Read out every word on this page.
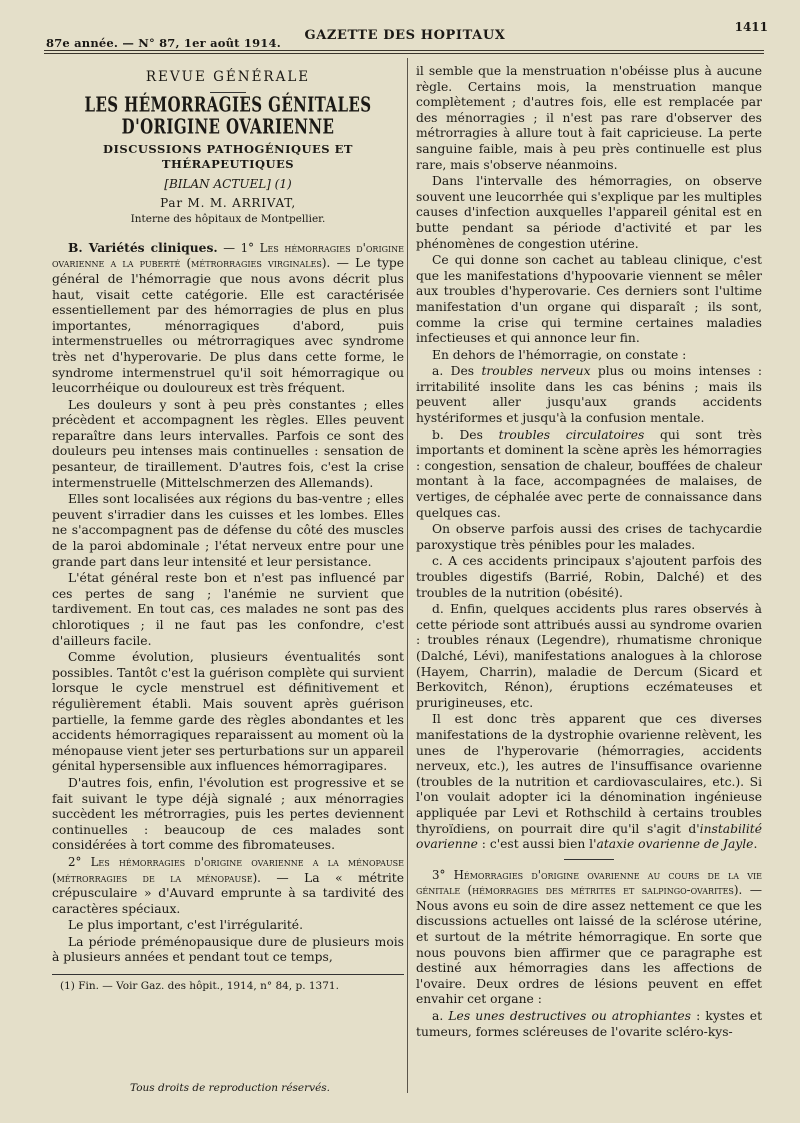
87e année. — N° 87, 1er août 1914.	GAZETTE DES HOPITAUX
1411

REVUE GÉNÉRALE

LES HÉMORRAGIES GÉNITALES D'ORIGINE OVARIENNE

DISCUSSIONS PATHOGÉNIQUES ET THÉRAPEUTIQUES

[BILAN ACTUEL] (1)

Par M. M. ARRIVAT,

Interne des hôpitaux de Montpellier.

B. Variétés cliniques. — 1° Les hémorragies d'origine ovarienne a la puberté (métrorragies virginales). — Le type général de l'hémorragie que nous avons décrit plus haut, visait cette catégorie. Elle est caractérisée essentiellement par des hémorragies de plus en plus importantes, ménorragiques d'abord, puis intermenstruelles ou métrorragiques avec syndrome très net d'hyperovarie. De plus dans cette forme, le syndrome intermenstruel qu'il soit hémorragique ou leucorrhéique ou douloureux est très fréquent.

Les douleurs y sont à peu près constantes ; elles précèdent et accompagnent les règles. Elles peuvent reparaître dans leurs intervalles. Parfois ce sont des douleurs peu intenses mais continuelles : sensation de pesanteur, de tiraillement. D'autres fois, c'est la crise intermenstruelle (Mittelschmerzen des Allemands).

Elles sont localisées aux régions du bas-ventre ; elles peuvent s'irradier dans les cuisses et les lombes. Elles ne s'accompagnent pas de défense du côté des muscles de la paroi abdominale ; l'état nerveux entre pour une grande part dans leur intensité et leur persistance.

L'état général reste bon et n'est pas influencé par ces pertes de sang ; l'anémie ne survient que tardivement. En tout cas, ces malades ne sont pas des chlorotiques ; il ne faut pas les confondre, c'est d'ailleurs facile.

Comme évolution, plusieurs éventualités sont possibles. Tantôt c'est la guérison complète qui survient lorsque le cycle menstruel est définitivement et régulièrement établi. Mais souvent après guérison partielle, la femme garde des règles abondantes et les accidents hémorragiques reparaissent au moment où la ménopause vient jeter ses perturbations sur un appareil génital hypersensible aux influences hémorragipares.

D'autres fois, enfin, l'évolution est progressive et se fait suivant le type déjà signalé ; aux ménorragies succèdent les métrorragies, puis les pertes deviennent continuelles : beaucoup de ces malades sont considérées à tort comme des fibromateuses.

2° Les hémorragies d'origine ovarienne a la ménopause (métrorragies de la ménopause). — La « métrite crépusculaire » d'Auvard emprunte à sa tardivité des caractères spéciaux.

Le plus important, c'est l'irrégularité.

La période préménopausique dure de plusieurs mois à plusieurs années et pendant tout ce temps,

(1) Fin. — Voir Gaz. des hôpit., 1914, n° 84, p. 1371.

il semble que la menstruation n'obéisse plus à aucune règle. Certains mois, la menstruation manque complètement ; d'autres fois, elle est remplacée par des ménorragies ; il n'est pas rare d'observer des métrorragies à allure tout à fait capricieuse. La perte sanguine faible, mais à peu près continuelle est plus rare, mais s'observe néanmoins.

Dans l'intervalle des hémorragies, on observe souvent une leucorrhée qui s'explique par les multiples causes d'infection auxquelles l'appareil génital est en butte pendant sa période d'activité et par les phénomènes de congestion utérine.

Ce qui donne son cachet au tableau clinique, c'est que les manifestations d'hypoovarie viennent se mêler aux troubles d'hyperovarie. Ces derniers sont l'ultime manifestation d'un organe qui disparaît ; ils sont, comme la crise qui termine certaines maladies infectieuses et qui annonce leur fin.

En dehors de l'hémorragie, on constate :

a. Des troubles nerveux plus ou moins intenses : irritabilité insolite dans les cas bénins ; mais ils peuvent aller jusqu'aux grands accidents hystériformes et jusqu'à la confusion mentale.

b. Des troubles circulatoires qui sont très importants et dominent la scène après les hémorragies : congestion, sensation de chaleur, bouffées de chaleur montant à la face, accompagnées de malaises, de vertiges, de céphalée avec perte de connaissance dans quelques cas.

On observe parfois aussi des crises de tachycardie paroxystique très pénibles pour les malades.

c. A ces accidents principaux s'ajoutent parfois des troubles digestifs (Barrié, Robin, Dalché) et des troubles de la nutrition (obésité).

d. Enfin, quelques accidents plus rares observés à cette période sont attribués aussi au syndrome ovarien : troubles rénaux (Legendre), rhumatisme chronique (Dalché, Lévi), manifestations analogues à la chlorose (Hayem, Charrin), maladie de Dercum (Sicard et Berkovitch, Rénon), éruptions eczémateuses et prurigineuses, etc.

Il est donc très apparent que ces diverses manifestations de la dystrophie ovarienne relèvent, les unes de l'hyperovarie (hémorragies, accidents nerveux, etc.), les autres de l'insuffisance ovarienne (troubles de la nutrition et cardiovasculaires, etc.). Si l'on voulait adopter ici la dénomination ingénieuse appliquée par Levi et Rothschild à certains troubles thyroïdiens, on pourrait dire qu'il s'agit d'instabilité ovarienne : c'est aussi bien l'ataxie ovarienne de Jayle.

3° Hémorragies d'origine ovarienne au cours de la vie génitale (hémorragies des métrites et salpingo-ovarites). — Nous avons eu soin de dire assez nettement ce que les discussions actuelles ont laissé de la sclérose utérine, et surtout de la métrite hémorragique. En sorte que nous pouvons bien affirmer que ce paragraphe est destiné aux hémorragies dans les affections de l'ovaire. Deux ordres de lésions peuvent en effet envahir cet organe :

a. Les unes destructives ou atrophiantes : kystes et tumeurs, formes scléreuses de l'ovarite scléro-kys-

Tous droits de reproduction réservés.
